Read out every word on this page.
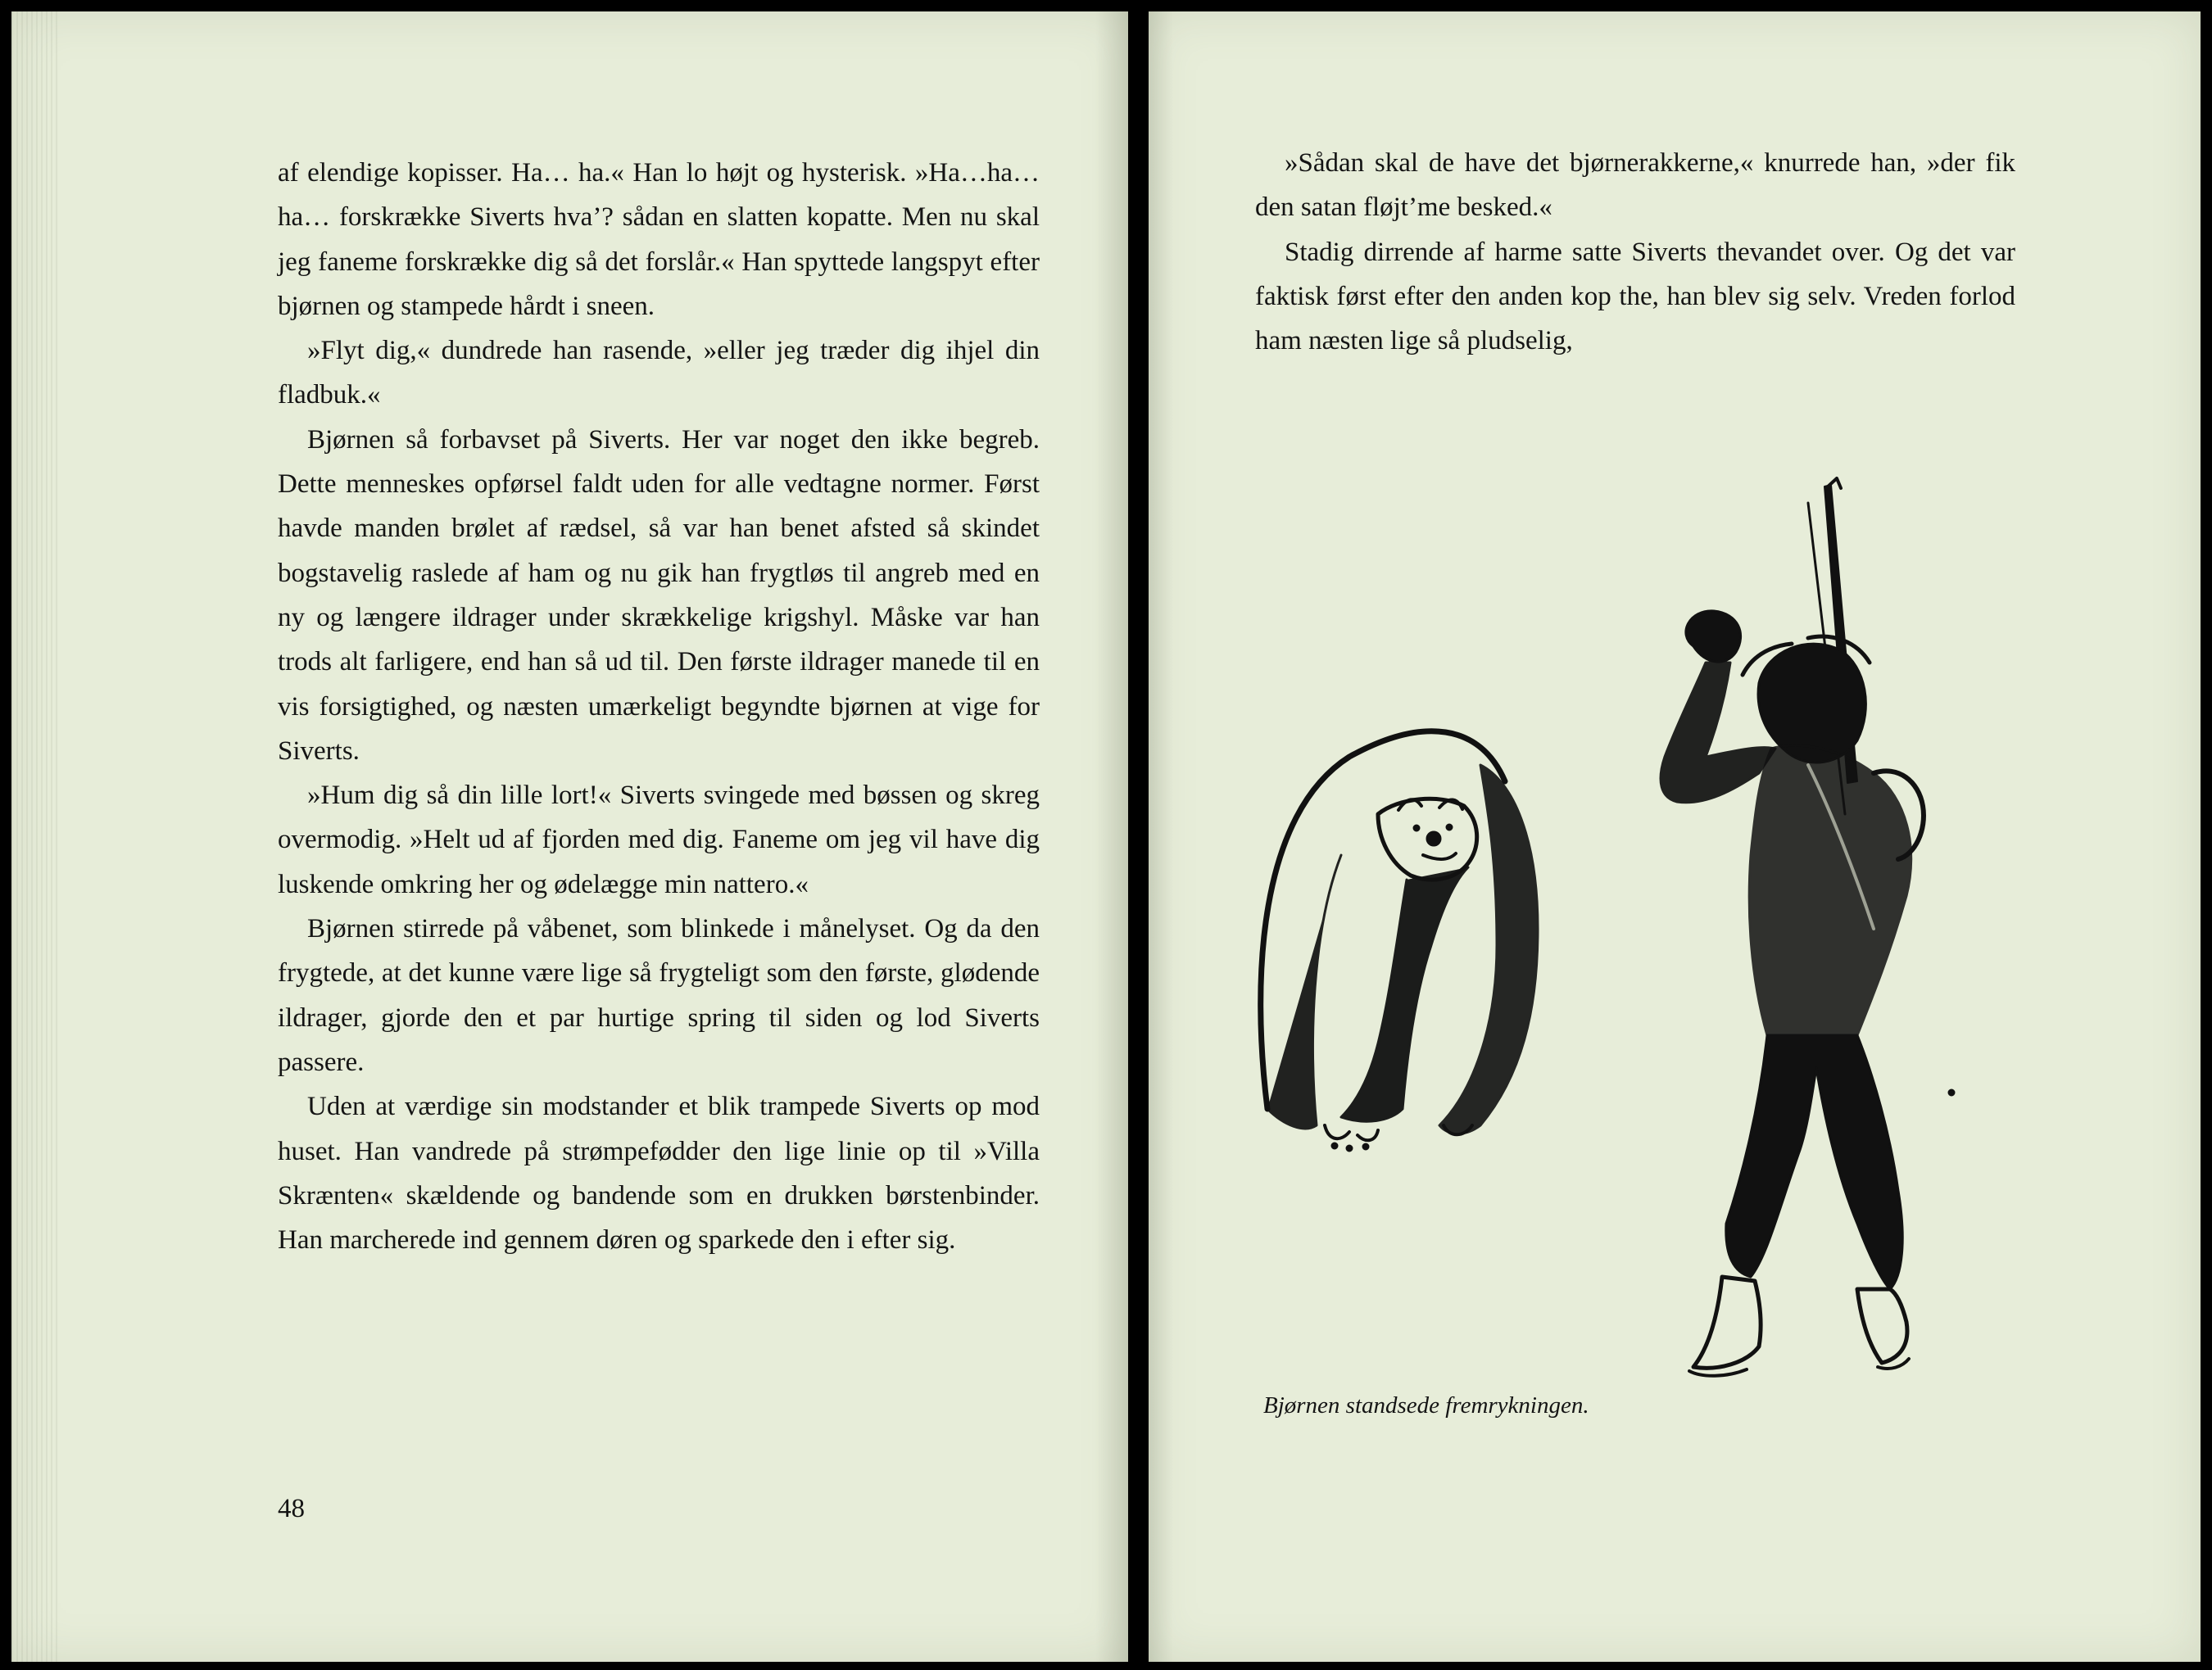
af elendige kopisser. Ha… ha.« Han lo højt og hysterisk. »Ha…ha…ha… forskrække Siverts hva’? sådan en slatten kopatte. Men nu skal jeg faneme forskrække dig så det forslår.« Han spyttede langspyt efter bjørnen og stampede hårdt i sneen.

»Flyt dig,« dundrede han rasende, »eller jeg træder dig ihjel din fladbuk.«

Bjørnen så forbavset på Siverts. Her var noget den ikke begreb. Dette menneskes opførsel faldt uden for alle vedtagne normer. Først havde manden brølet af rædsel, så var han benet afsted så skindet bogstavelig raslede af ham og nu gik han frygtløs til angreb med en ny og længere ildrager under skrækkelige krigshyl. Måske var han trods alt farligere, end han så ud til. Den første ildrager manede til en vis forsigtighed, og næsten umærkeligt begyndte bjørnen at vige for Siverts.

»Hum dig så din lille lort!« Siverts svingede med bøssen og skreg overmodig. »Helt ud af fjorden med dig. Faneme om jeg vil have dig luskende omkring her og ødelægge min nattero.«

Bjørnen stirrede på våbenet, som blinkede i månelyset. Og da den frygtede, at det kunne være lige så frygteligt som den første, glødende ildrager, gjorde den et par hurtige spring til siden og lod Siverts passere.

Uden at værdige sin modstander et blik trampede Siverts op mod huset. Han vandrede på strømpefødder den lige linie op til »Villa Skrænten« skældende og bandende som en drukken børstenbinder. Han marcherede ind gennem døren og sparkede den i efter sig.

48

»Sådan skal de have det bjørnerakkerne,« knurrede han, »der fik den satan fløjt’me besked.«

Stadig dirrende af harme satte Siverts thevandet over. Og det var faktisk først efter den anden kop the, han blev sig selv. Vreden forlod ham næsten lige så pludselig,

Bjørnen standsede fremrykningen.
